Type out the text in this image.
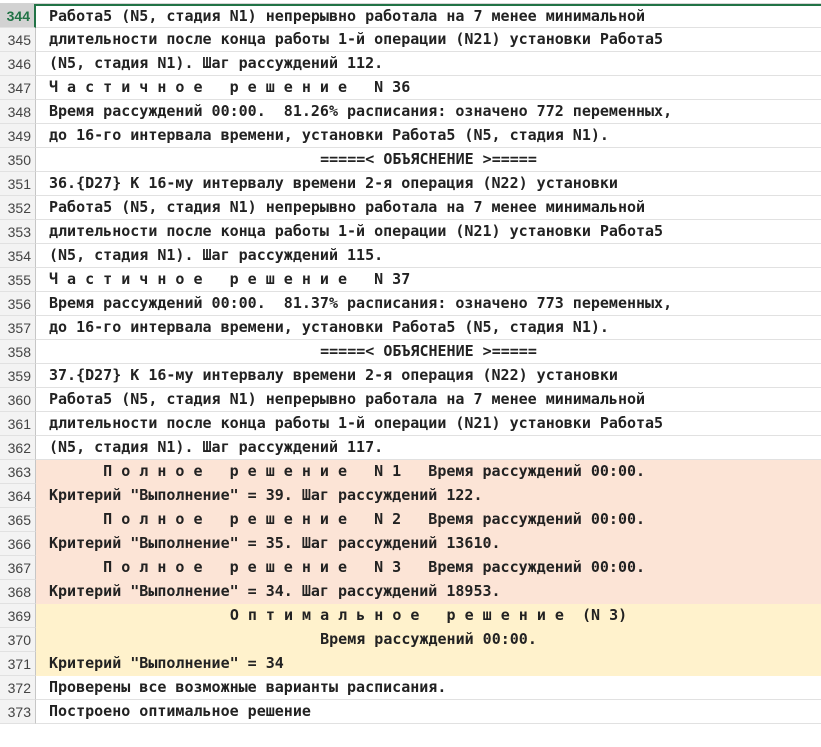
344	Работа5 (N5, стадия N1) непрерывно работала на 7 менее минимальной
345	длительности после конца работы 1-й операции (N21) установки Работа5
346	(N5, стадия N1). Шаг рассуждений 112.
347	Ч а с т и ч н о е   р е ш е н и е   N 36
348	Время рассуждений 00:00.  81.26% расписания: означено 772 переменных,
349	до 16-го интервала времени, установки Работа5 (N5, стадия N1).
350	=====< ОБЪЯСНЕНИЕ >=====
351	36.{D27} К 16-му интервалу времени 2-я операция (N22) установки
352	Работа5 (N5, стадия N1) непрерывно работала на 7 менее минимальной
353	длительности после конца работы 1-й операции (N21) установки Работа5
354	(N5, стадия N1). Шаг рассуждений 115.
355	Ч а с т и ч н о е   р е ш е н и е   N 37
356	Время рассуждений 00:00.  81.37% расписания: означено 773 переменных,
357	до 16-го интервала времени, установки Работа5 (N5, стадия N1).
358	=====< ОБЪЯСНЕНИЕ >=====
359	37.{D27} К 16-му интервалу времени 2-я операция (N22) установки
360	Работа5 (N5, стадия N1) непрерывно работала на 7 менее минимальной
361	длительности после конца работы 1-й операции (N21) установки Работа5
362	(N5, стадия N1). Шаг рассуждений 117.
363	П о л н о е   р е ш е н и е   N 1   Время рассуждений 00:00.
364	Критерий "Выполнение" = 39. Шаг рассуждений 122.
365	П о л н о е   р е ш е н и е   N 2   Время рассуждений 00:00.
366	Критерий "Выполнение" = 35. Шаг рассуждений 13610.
367	П о л н о е   р е ш е н и е   N 3   Время рассуждений 00:00.
368	Критерий "Выполнение" = 34. Шаг рассуждений 18953.
369	О п т и м а л ь н о е   р е ш е н и е  (N 3)
370	Время рассуждений 00:00.
371	Критерий "Выполнение" = 34
372	Проверены все возможные варианты расписания.
373	Построено оптимальное решение
